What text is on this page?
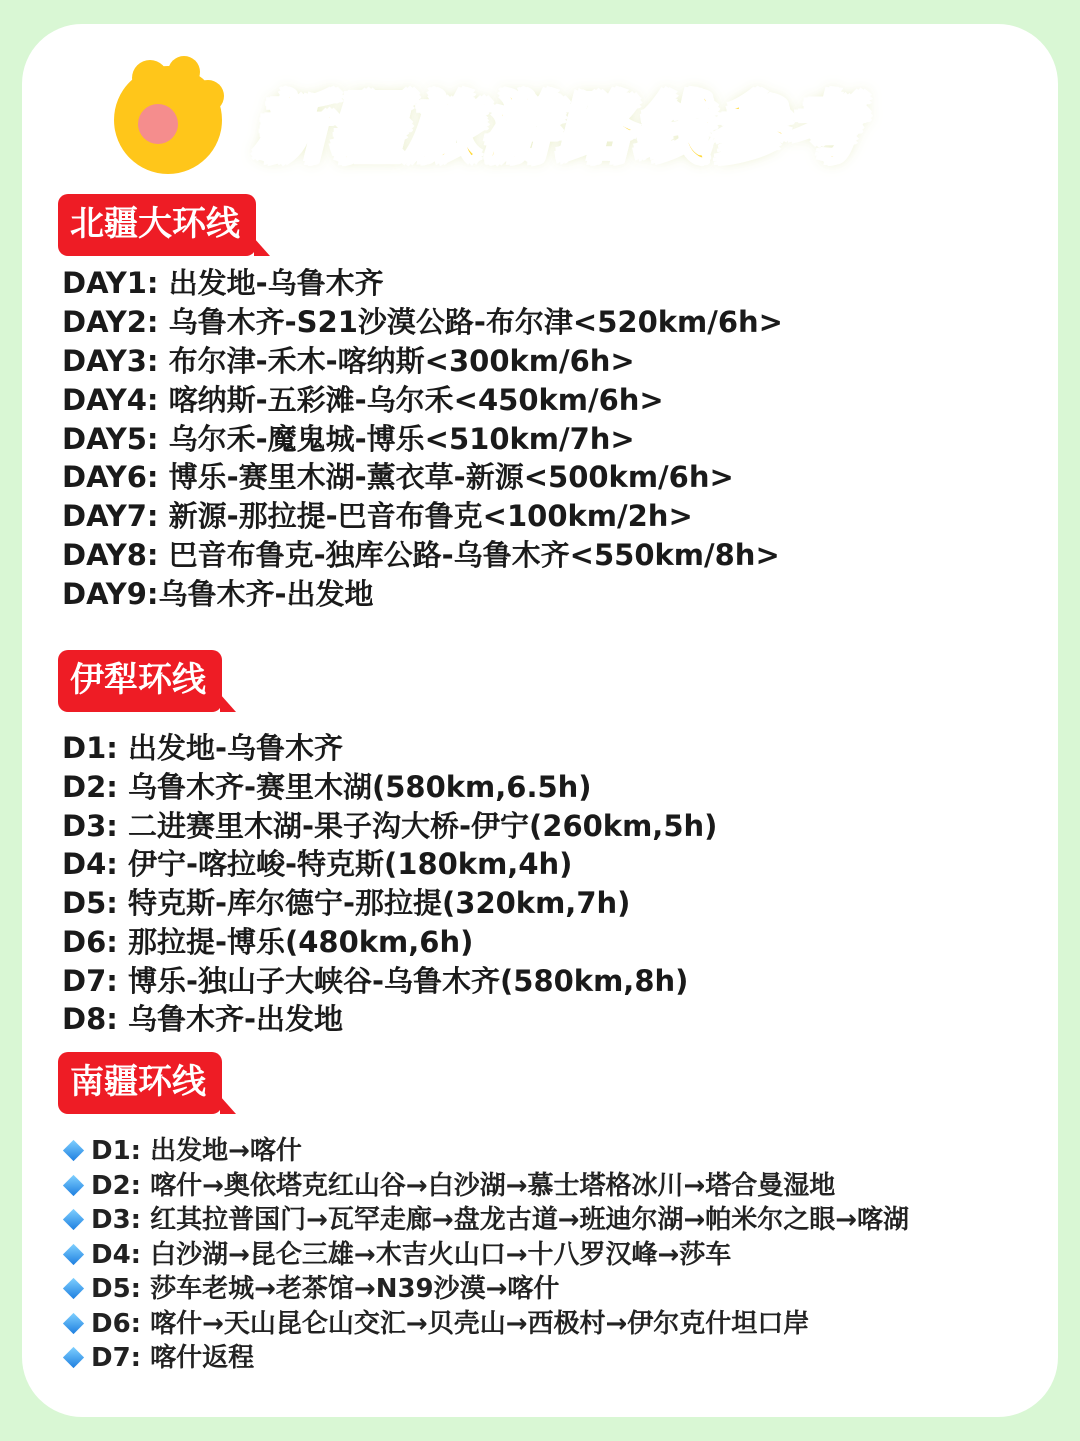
新疆旅游路线参考
北疆大环线
DAY1: 出发地-乌鲁木齐
DAY2: 乌鲁木齐-S21沙漠公路-布尔津<520km/6h>
DAY3: 布尔津-禾木-喀纳斯<300km/6h>
DAY4: 喀纳斯-五彩滩-乌尔禾<450km/6h>
DAY5: 乌尔禾-魔鬼城-博乐<510km/7h>
DAY6: 博乐-赛里木湖-薰衣草-新源<500km/6h>
DAY7: 新源-那拉提-巴音布鲁克<100km/2h>
DAY8: 巴音布鲁克-独库公路-乌鲁木齐<550km/8h>
DAY9:乌鲁木齐-出发地
伊犁环线
D1: 出发地-乌鲁木齐
D2: 乌鲁木齐-赛里木湖(580km,6.5h)
D3: 二进赛里木湖-果子沟大桥-伊宁(260km,5h)
D4: 伊宁-喀拉峻-特克斯(180km,4h)
D5: 特克斯-库尔德宁-那拉提(320km,7h)
D6: 那拉提-博乐(480km,6h)
D7: 博乐-独山子大峡谷-乌鲁木齐(580km,8h)
D8: 乌鲁木齐-出发地
南疆环线
D1: 出发地→喀什
D2: 喀什→奥依塔克红山谷→白沙湖→慕士塔格冰川→塔合曼湿地
D3: 红其拉普国门→瓦罕走廊→盘龙古道→班迪尔湖→帕米尔之眼→喀湖
D4: 白沙湖→昆仑三雄→木吉火山口→十八罗汉峰→莎车
D5: 莎车老城→老茶馆→N39沙漠→喀什
D6: 喀什→天山昆仑山交汇→贝壳山→西极村→伊尔克什坦口岸
D7: 喀什返程
